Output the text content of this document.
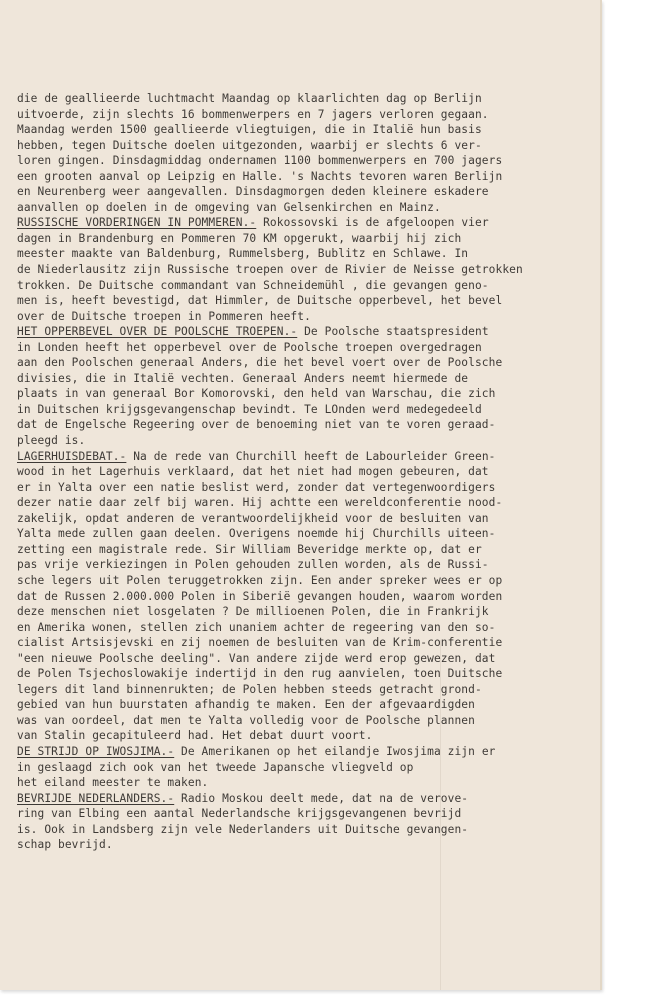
die de geallieerde luchtmacht Maandag op klaarlichten dag op Berlijn
uitvoerde, zijn slechts 16 bommenwerpers en 7 jagers verloren gegaan.
Maandag werden 1500 geallieerde vliegtuigen, die in Italië hun basis
hebben, tegen Duitsche doelen uitgezonden, waarbij er slechts 6 ver-
loren gingen. Dinsdagmiddag ondernamen 1100 bommenwerpers en 700 jagers
een grooten aanval op Leipzig en Halle. 's Nachts tevoren waren Berlijn
en Neurenberg weer aangevallen. Dinsdagmorgen deden kleinere eskadere
aanvallen op doelen in de omgeving van Gelsenkirchen en Mainz.
RUSSISCHE VORDERINGEN IN POMMEREN.- Rokossovski is de afgeloopen vier
dagen in Brandenburg en Pommeren 70 KM opgerukt, waarbij hij zich
meester maakte van Baldenburg, Rummelsberg, Bublitz en Schlawe. In
de Niederlausitz zijn Russische troepen over de Rivier de Neisse getrokken
trokken. De Duitsche commandant van Schneidemühl , die gevangen geno-
men is, heeft bevestigd, dat Himmler, de Duitsche opperbevel, het bevel
over de Duitsche troepen in Pommeren heeft.
HET OPPERBEVEL OVER DE POOLSCHE TROEPEN.- De Poolsche staatspresident
in Londen heeft het opperbevel over de Poolsche troepen overgedragen
aan den Poolschen generaal Anders, die het bevel voert over de Poolsche
divisies, die in Italië vechten. Generaal Anders neemt hiermede de
plaats in van generaal Bor Komorovski, den held van Warschau, die zich
in Duitschen krijgsgevangenschap bevindt. Te LOnden werd medegedeeld
dat de Engelsche Regeering over de benoeming niet van te voren geraad-
pleegd is.
LAGERHUISDEBAT.- Na de rede van Churchill heeft de Labourleider Green-
wood in het Lagerhuis verklaard, dat het niet had mogen gebeuren, dat
er in Yalta over een natie beslist werd, zonder dat vertegenwoordigers
dezer natie daar zelf bij waren. Hij achtte een wereldconferentie nood-
zakelijk, opdat anderen de verantwoordelijkheid voor de besluiten van
Yalta mede zullen gaan deelen. Overigens noemde hij Churchills uiteen-
zetting een magistrale rede. Sir William Beveridge merkte op, dat er
pas vrije verkiezingen in Polen gehouden zullen worden, als de Russi-
sche legers uit Polen teruggetrokken zijn. Een ander spreker wees er op
dat de Russen 2.000.000 Polen in Siberië gevangen houden, waarom worden
deze menschen niet losgelaten ? De millioenen Polen, die in Frankrijk
en Amerika wonen, stellen zich unaniem achter de regeering van den so-
cialist Artsisjevski en zij noemen de besluiten van de Krim-conferentie
"een nieuwe Poolsche deeling". Van andere zijde werd erop gewezen, dat
de Polen Tsjechoslowakije indertijd in den rug aanvielen, toen Duitsche
legers dit land binnenrukten; de Polen hebben steeds getracht grond-
gebied van hun buurstaten afhandig te maken. Een der afgevaardigden
was van oordeel, dat men te Yalta volledig voor de Poolsche plannen
van Stalin gecapituleerd had. Het debat duurt voort.
DE STRIJD OP IWOSJIMA.- De Amerikanen op het eilandje Iwosjima zijn er
in geslaagd zich ook van het tweede Japansche vliegveld op
het eiland meester te maken.
BEVRIJDE NEDERLANDERS.- Radio Moskou deelt mede, dat na de verove-
ring van Elbing een aantal Nederlandsche krijgsgevangenen bevrijd
is. Ook in Landsberg zijn vele Nederlanders uit Duitsche gevangen-
schap bevrijd.
